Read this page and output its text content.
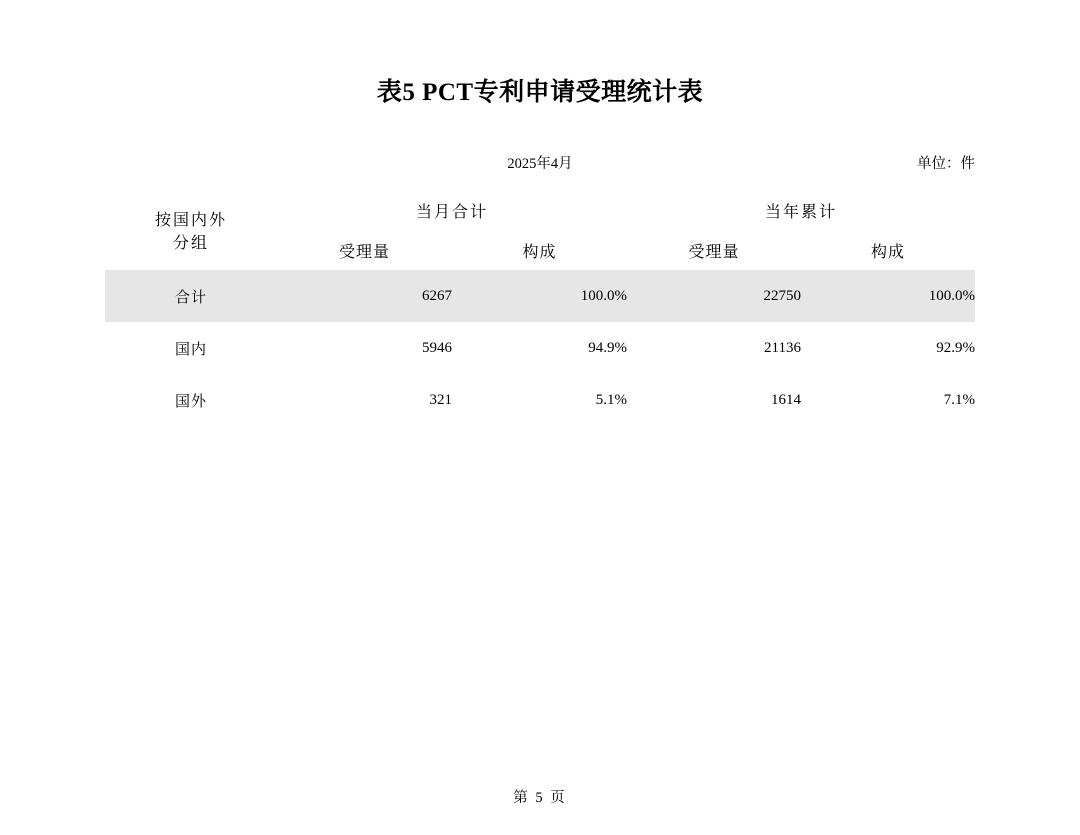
表5 PCT专利申请受理统计表
2025年4月	单位：件
按国内外
分组	当月合计		当年累计	
	受理量	构成	受理量	构成
合计	6267	100.0%	22750	100.0%
国内	5946	94.9%	21136	92.9%
国外	321	5.1%	1614	7.1%
第 5 页
